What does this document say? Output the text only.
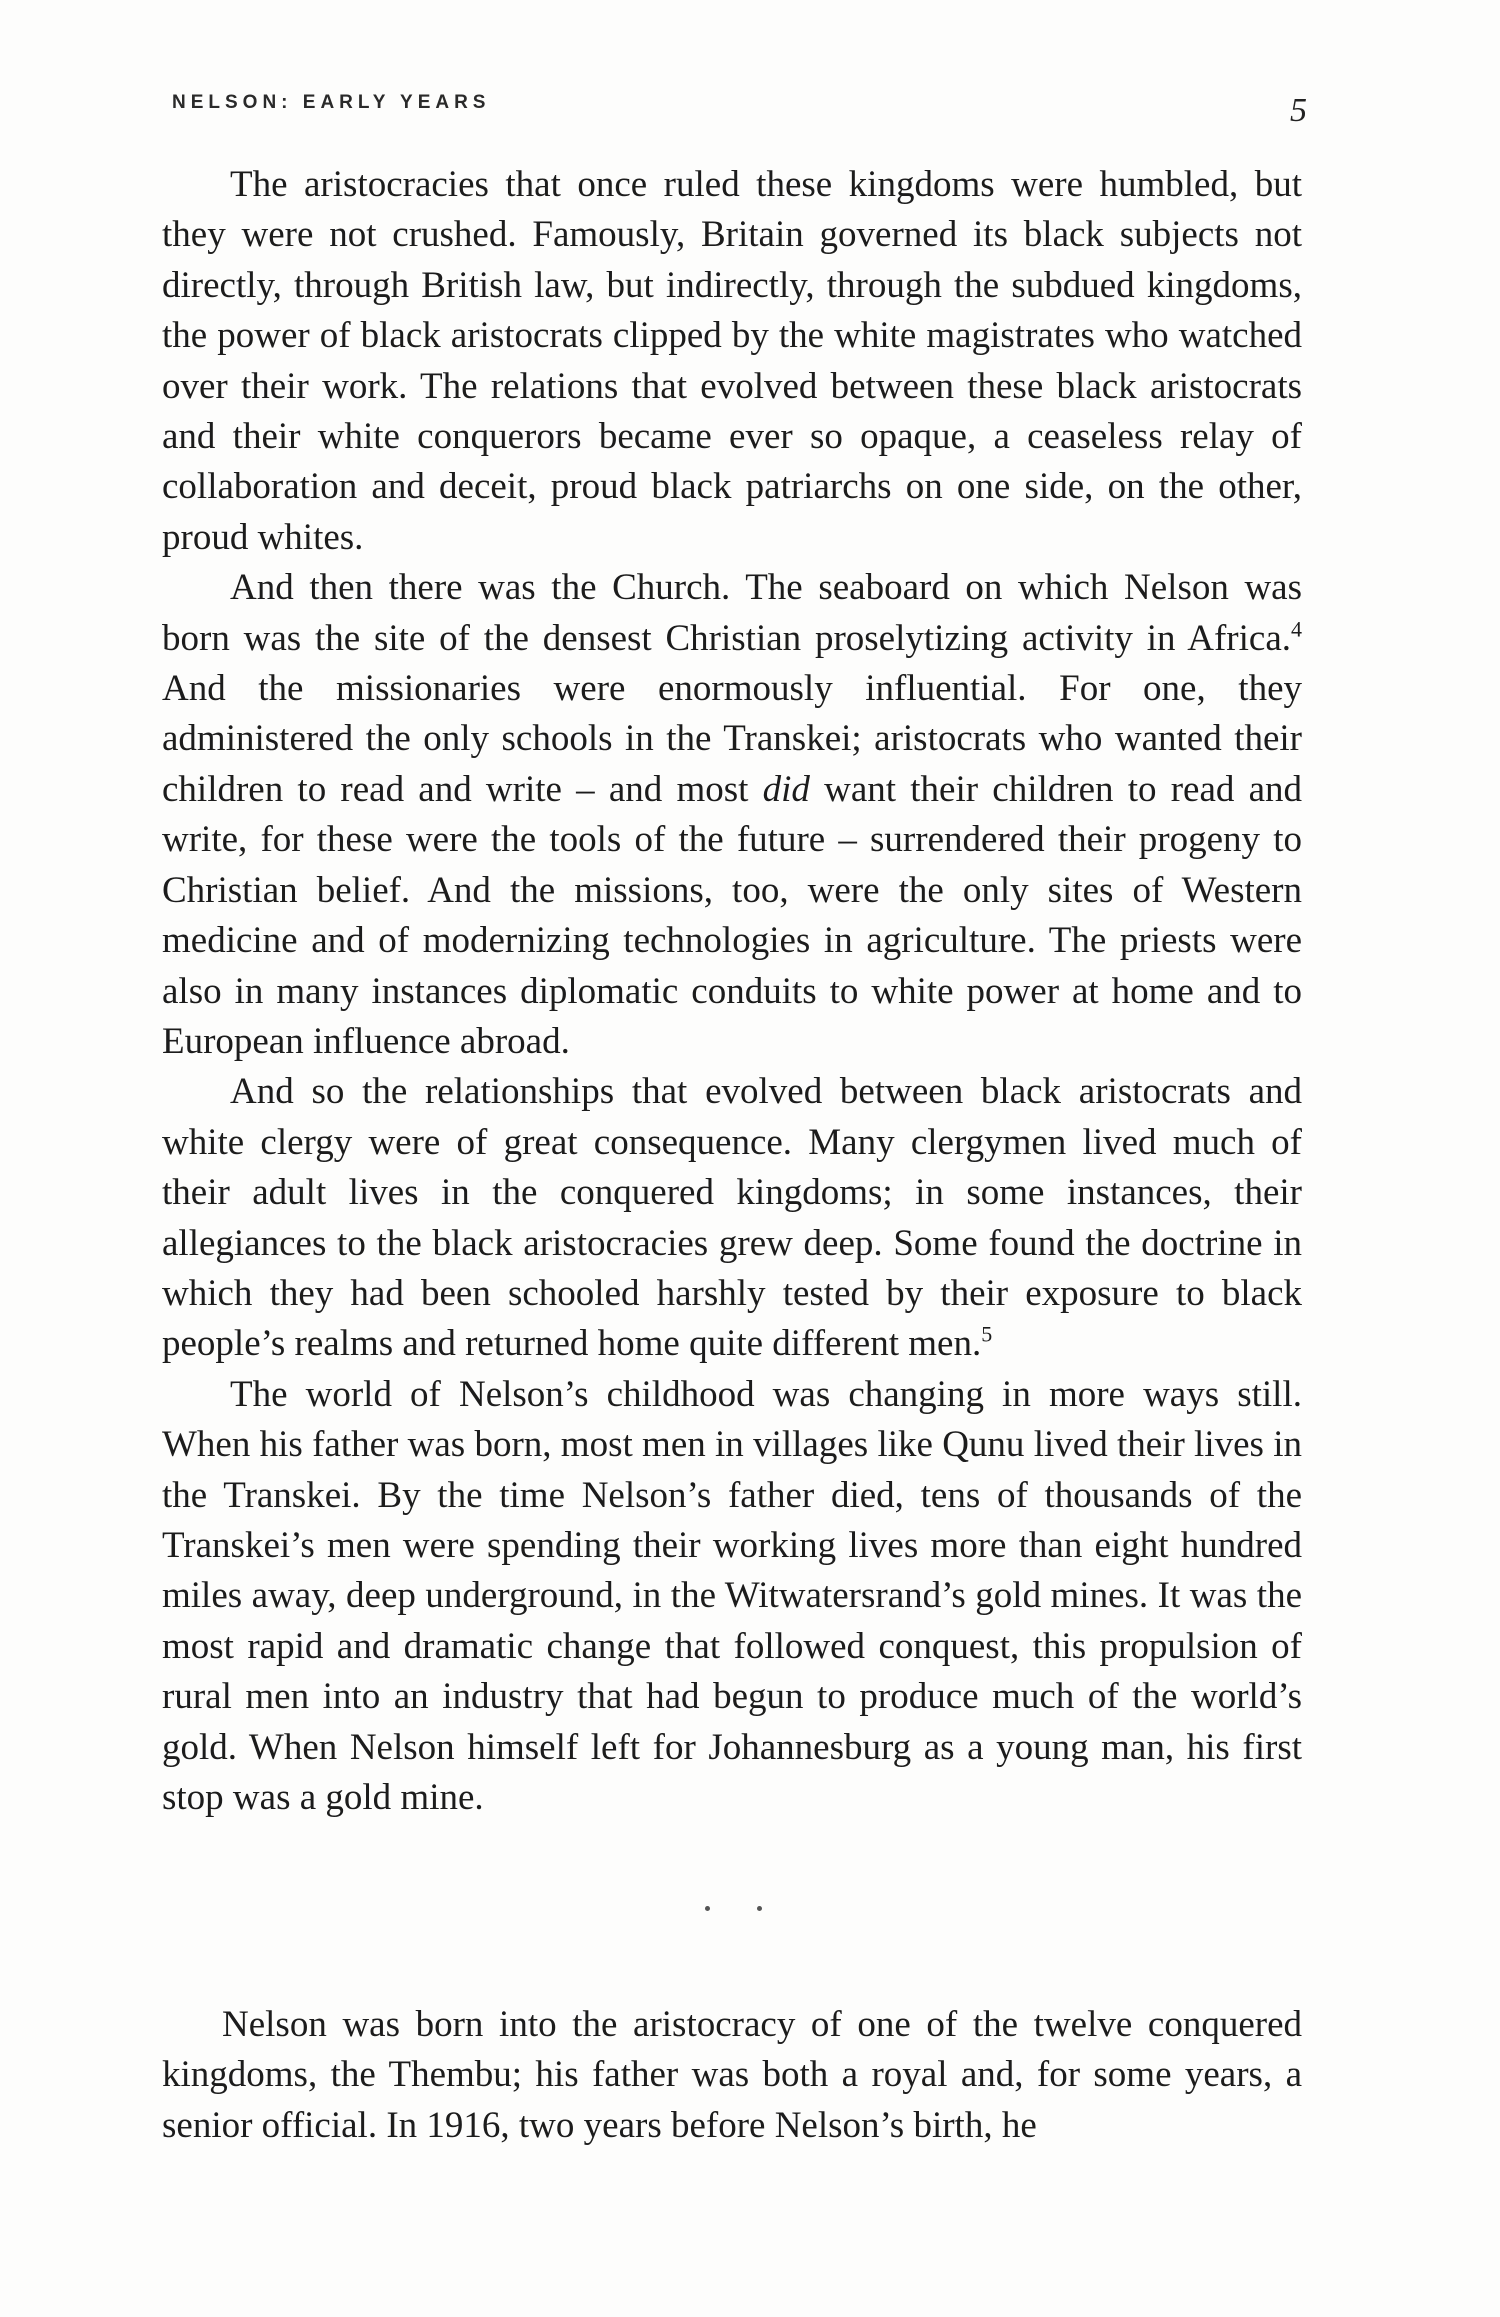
NELSON: EARLY YEARS	5

The aristocracies that once ruled these kingdoms were humbled, but they were not crushed. Famously, Britain governed its black subjects not directly, through British law, but indirectly, through the subdued kingdoms, the power of black aristocrats clipped by the white magistrates who watched over their work. The relations that evolved between these black aristocrats and their white conquerors became ever so opaque, a ceaseless relay of collaboration and deceit, proud black patriarchs on one side, on the other, proud whites.

And then there was the Church. The seaboard on which Nelson was born was the site of the densest Christian proselytizing activity in Africa.$^4$ And the missionaries were enormously influential. For one, they administered the only schools in the Transkei; aristocrats who wanted their children to read and write – and most did want their children to read and write, for these were the tools of the future – surrendered their progeny to Christian belief. And the missions, too, were the only sites of Western medicine and of modernizing technologies in agriculture. The priests were also in many instances diplomatic conduits to white power at home and to European influence abroad.

And so the relationships that evolved between black aristocrats and white clergy were of great consequence. Many clergymen lived much of their adult lives in the conquered kingdoms; in some instances, their allegiances to the black aristocracies grew deep. Some found the doctrine in which they had been schooled harshly tested by their exposure to black people’s realms and returned home quite different men.$^5$

The world of Nelson’s childhood was changing in more ways still. When his father was born, most men in villages like Qunu lived their lives in the Transkei. By the time Nelson’s father died, tens of thousands of the Transkei’s men were spending their working lives more than eight hundred miles away, deep underground, in the Witwatersrand’s gold mines. It was the most rapid and dramatic change that followed conquest, this propulsion of rural men into an industry that had begun to produce much of the world’s gold. When Nelson himself left for Johannesburg as a young man, his first stop was a gold mine.

Nelson was born into the aristocracy of one of the twelve conquered kingdoms, the Thembu; his father was both a royal and, for some years, a senior official. In 1916, two years before Nelson’s birth, he
